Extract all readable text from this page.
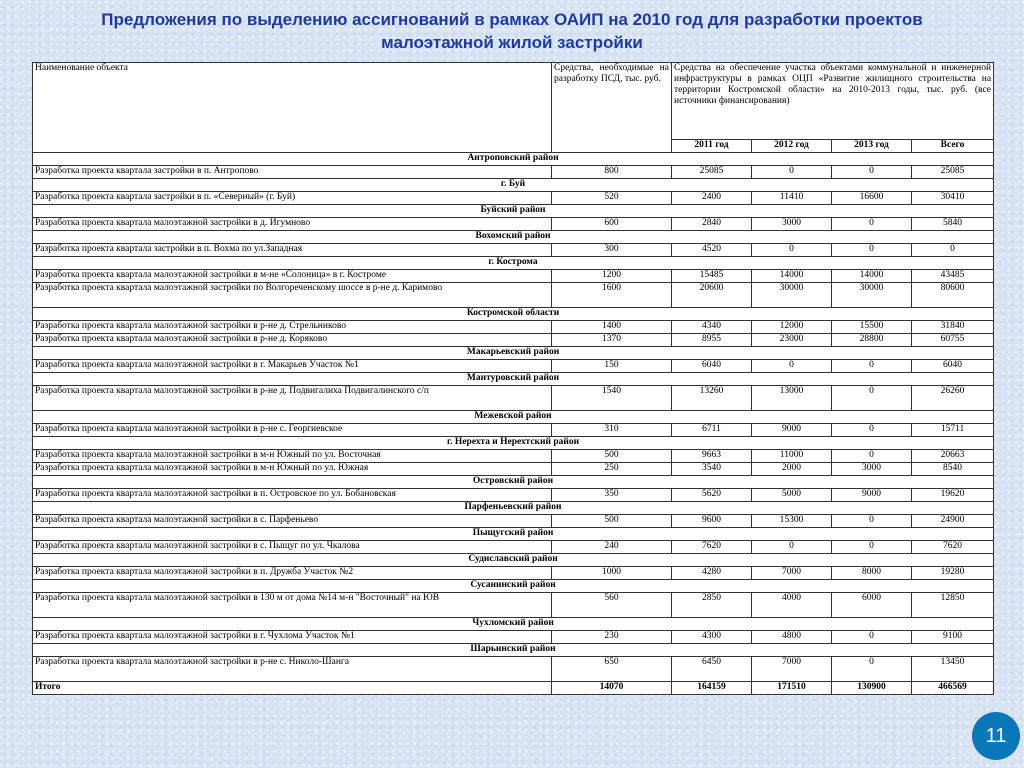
Предложения по выделению ассигнований в рамках ОАИП на 2010 год для разработки проектов малоэтажной жилой застройки
Наименование объекта	Средства, необходимые на разработку ПСД, тыс. руб.	Средства на обеспечение участка объектами коммунальной и инженерной инфраструктуры в рамках ОЦП «Развитие жилищного строительства на территории Костромской области» на 2010-2013 годы, тыс. руб. (все источники финансирования)			
		2011 год	2012 год	2013 год	Всего
Антроповский район					
Разработка проекта квартала застройки в п. Антропово	800	25085	0	0	25085
г. Буй					
Разработка проекта квартала застройки в п. «Северный» (г. Буй)	520	2400	11410	16600	30410
Буйский район					
Разработка проекта квартала малоэтажной застройки в д. Игумново	600	2840	3000	0	5840
Вохомский район					
Разработка проекта квартала застройки в п. Вохма по ул.Западная	300	4520	0	0	0
г. Кострома					
Разработка проекта квартала малоэтажной застройки в м-не «Солоница» в г. Костроме	1200	15485	14000	14000	43485
Разработка проекта квартала малоэтажной застройки по Волгореченскому шоссе в р-не д. Каримово	1600	20600	30000	30000	80600
Костромской области					
Разработка проекта квартала малоэтажной застройки в р-не д. Стрельниково	1400	4340	12000	15500	31840
Разработка проекта квартала малоэтажной застройки в р-не д. Коряково	1370	8955	23000	28800	60755
Макарьевский район					
Разработка проекта квартала малоэтажной застройки в г. Макарьев Участок №1	150	6040	0	0	6040
Мантуровский район					
Разработка проекта квартала малоэтажной застройки в р-не д. Подвигалиха Подвигалинского с/п	1540	13260	13000	0	26260
Межевской район					
Разработка проекта квартала малоэтажной застройки в р-не с. Георгиевское	310	6711	9000	0	15711
г. Нерехта и Нерехтский район					
Разработка проекта квартала малоэтажной застройки в м-н Южный по ул. Восточная	500	9663	11000	0	20663
Разработка проекта квартала малоэтажной застройки в м-н Южный по ул. Южная	250	3540	2000	3000	8540
Островский район					
Разработка проекта квартала малоэтажной застройки в п. Островское по ул. Бобановская	350	5620	5000	9000	19620
Парфеньевский район					
Разработка проекта квартала малоэтажной застройки в с. Парфеньево	500	9600	15300	0	24900
Пыщугский район					
Разработка проекта квартала малоэтажной застройки в с. Пыщуг по ул. Чкалова	240	7620	0	0	7620
Судиславский район					
Разработка проекта квартала малоэтажной застройки в п. Дружба Участок №2	1000	4280	7000	8000	19280
Сусанинский район					
Разработка проекта квартала малоэтажной застройки в 130 м от дома №14 м-н "Восточный" на ЮВ	560	2850	4000	6000	12850
Чухломский район					
Разработка проекта квартала малоэтажной застройки в г. Чухлома Участок №1	230	4300	4800	0	9100
Шарьинский район					
Разработка проекта квартала малоэтажной застройки в р-не с. Николо-Шанга	650	6450	7000	0	13450
Итого	14070	164159	171510	130900	466569
11
